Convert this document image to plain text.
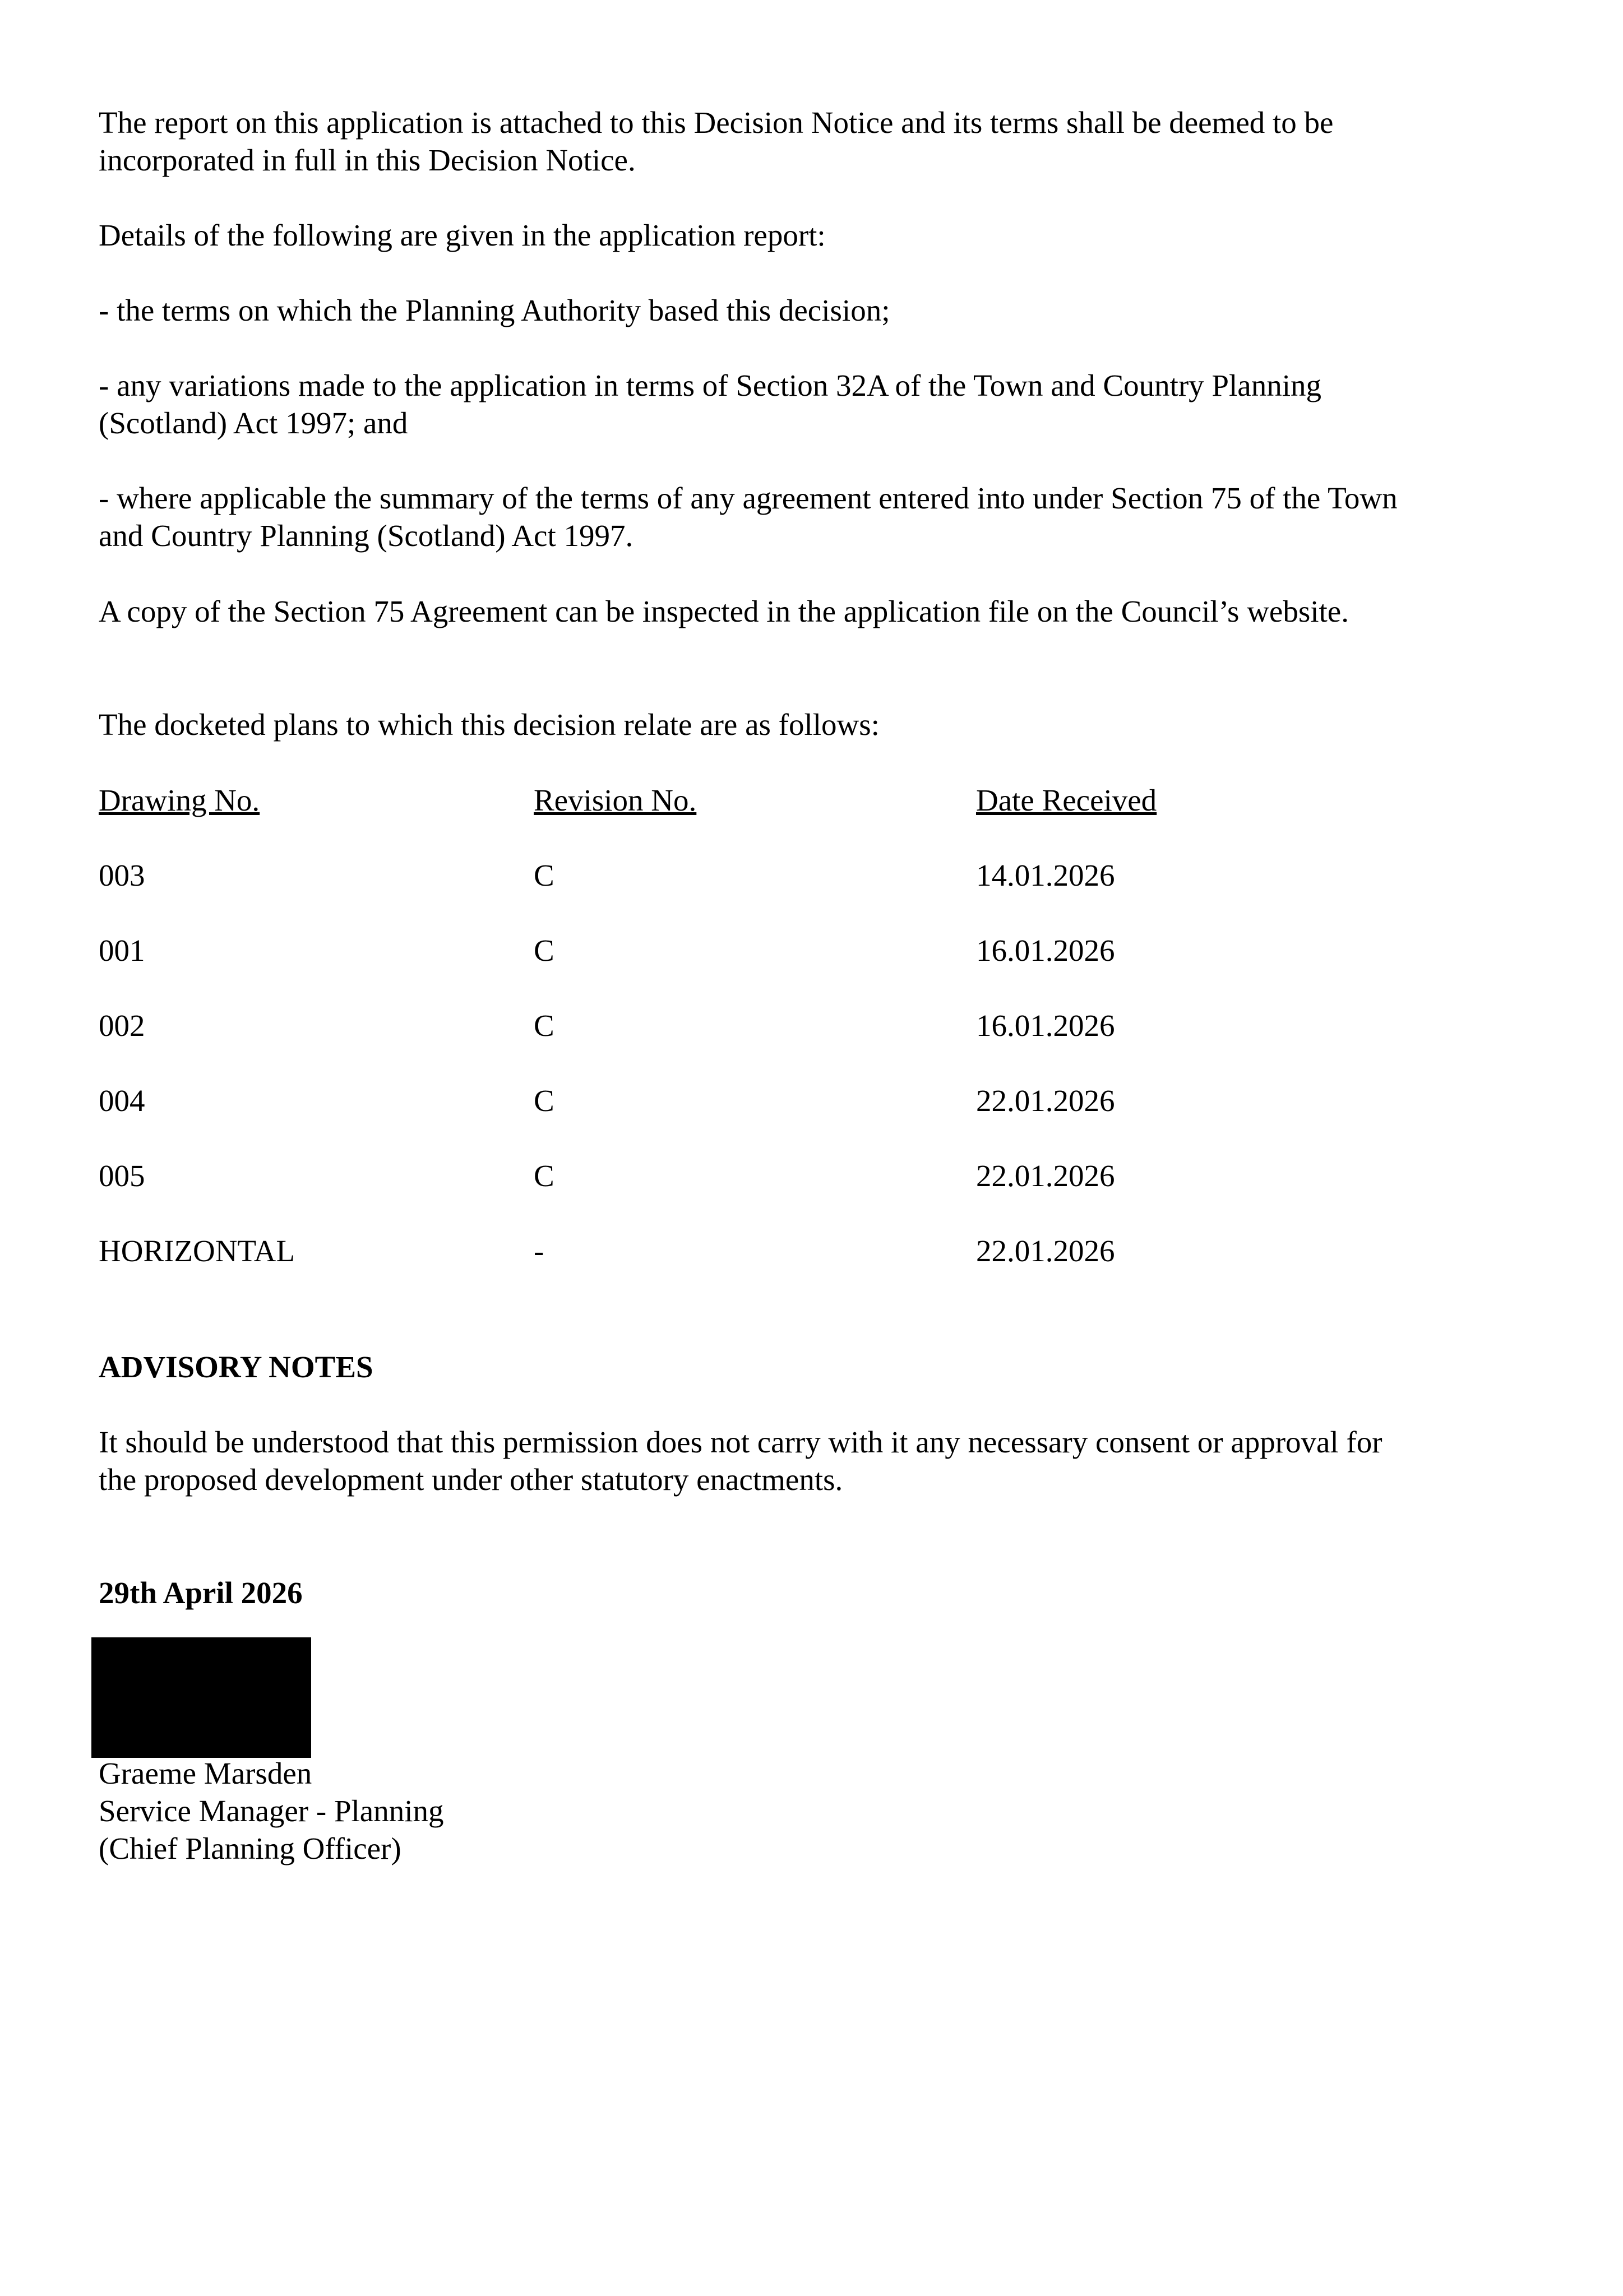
The report on this application is attached to this Decision Notice and its terms shall be deemed to be incorporated in full in this Decision Notice.

Details of the following are given in the application report:

- the terms on which the Planning Authority based this decision;

- any variations made to the application in terms of Section 32A of the Town and Country Planning (Scotland) Act 1997; and

- where applicable the summary of the terms of any agreement entered into under Section 75 of the Town and Country Planning (Scotland) Act 1997.

A copy of the Section 75 Agreement can be inspected in the application file on the Council’s website.

The docketed plans to which this decision relate are as follows:

Drawing No.	Revision No.	Date Received
003	C	14.01.2026
001	C	16.01.2026
002	C	16.01.2026
004	C	22.01.2026
005	C	22.01.2026
HORIZONTAL	-	22.01.2026

ADVISORY NOTES

It should be understood that this permission does not carry with it any necessary consent or approval for the proposed development under other statutory enactments.

29th April 2026

Graeme Marsden

Service Manager - Planning

(Chief Planning Officer)
